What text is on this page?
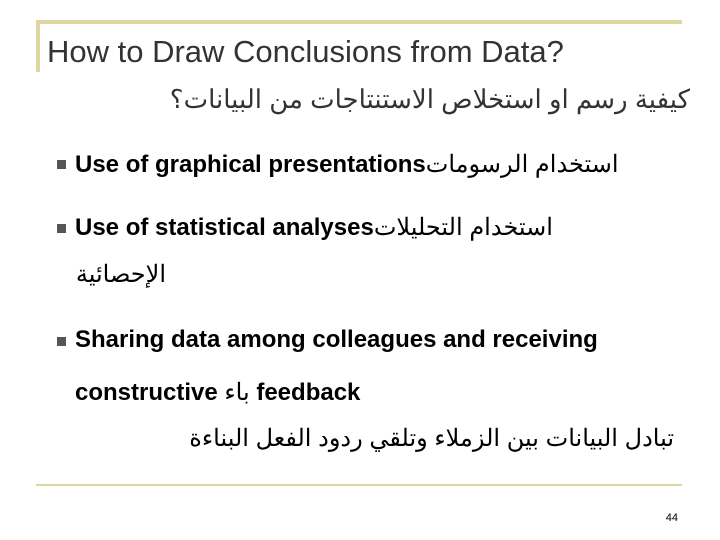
How to Draw Conclusions from Data?
كيفية رسم او استخلاص الاستنتاجات من البيانات؟
Use of graphical presentationsاستخدام الرسومات
Use of statistical analysesاستخدام التحليلات
الإحصائية
Sharing data among colleagues and receiving
constructive باء feedback
تبادل البيانات بين الزملاء وتلقي ردود الفعل البناءة
44
